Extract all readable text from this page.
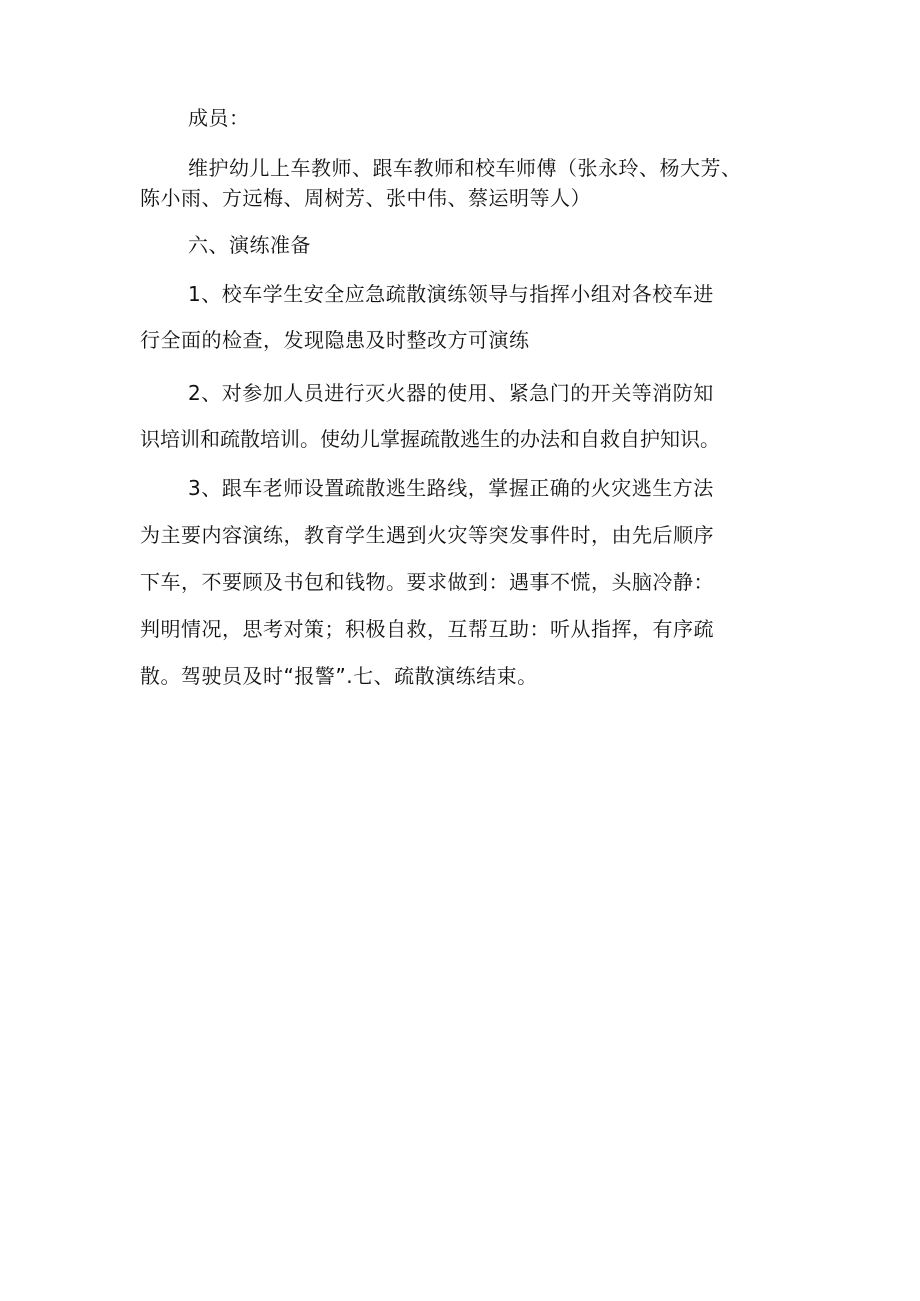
成员：
维护幼儿上车教师、跟车教师和校车师傅（张永玲、杨大芳、
陈小雨、方远梅、周树芳、张中伟、蔡运明等人）
六、演练准备
1、校车学生安全应急疏散演练领导与指挥小组对各校车进
行全面的检查，发现隐患及时整改方可演练
2、对参加人员进行灭火器的使用、紧急门的开关等消防知
识培训和疏散培训。使幼儿掌握疏散逃生的办法和自救自护知识。
3、跟车老师设置疏散逃生路线，掌握正确的火灾逃生方法
为主要内容演练，教育学生遇到火灾等突发事件时，由先后顺序
下车，不要顾及书包和钱物。要求做到：遇事不慌，头脑冷静：
判明情况，思考对策；积极自救，互帮互助：听从指挥，有序疏
散。驾驶员及时“报警”.七、疏散演练结束。
